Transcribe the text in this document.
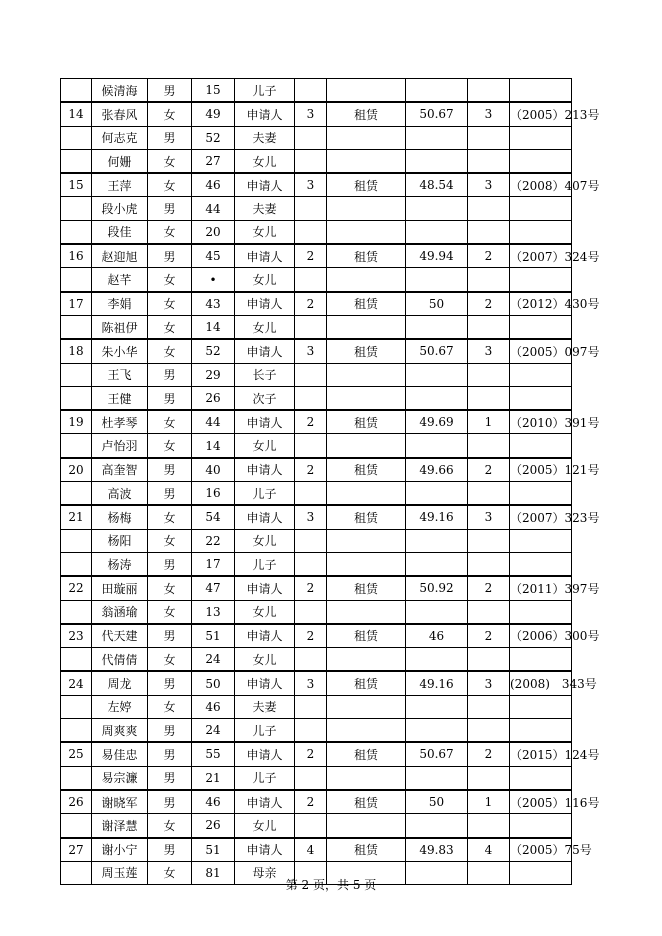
	候清海	男	15	儿子					
14	张春风	女	49	申请人	3	租赁	50.67	3	（2005）213号
	何志克	男	52	夫妻					
	何姗	女	27	女儿					
15	王萍	女	46	申请人	3	租赁	48.54	3	（2008）407号
	段小虎	男	44	夫妻					
	段佳	女	20	女儿					
16	赵迎旭	男	45	申请人	2	租赁	49.94	2	（2007）324号
	赵芊	女	•	女儿					
17	李娟	女	43	申请人	2	租赁	50	2	（2012）430号
	陈祖伊	女	14	女儿					
18	朱小华	女	52	申请人	3	租赁	50.67	3	（2005）097号
	王飞	男	29	长子					
	王健	男	26	次子					
19	杜孝琴	女	44	申请人	2	租赁	49.69	1	（2010）391号
	卢怡羽	女	14	女儿					
20	高奎智	男	40	申请人	2	租赁	49.66	2	（2005）121号
	高波	男	16	儿子					
21	杨梅	女	54	申请人	3	租赁	49.16	3	（2007）323号
	杨阳	女	22	女儿					
	杨涛	男	17	儿子					
22	田璇丽	女	47	申请人	2	租赁	50.92	2	（2011）397号
	翁涵瑜	女	13	女儿					
23	代天建	男	51	申请人	2	租赁	46	2	（2006）300号
	代倩倩	女	24	女儿					
24	周龙	男	50	申请人	3	租赁	49.16	3	(2008)　343号
	左婷	女	46	夫妻					
	周爽爽	男	24	儿子					
25	易佳忠	男	55	申请人	2	租赁	50.67	2	（2015）124号
	易宗濂	男	21	儿子					
26	谢晓军	男	46	申请人	2	租赁	50	1	（2005）116号
	谢泽慧	女	26	女儿					
27	谢小宁	男	51	申请人	4	租赁	49.83	4	（2005）75号
	周玉莲	女	81	母亲					
第 2 页，共 5 页
